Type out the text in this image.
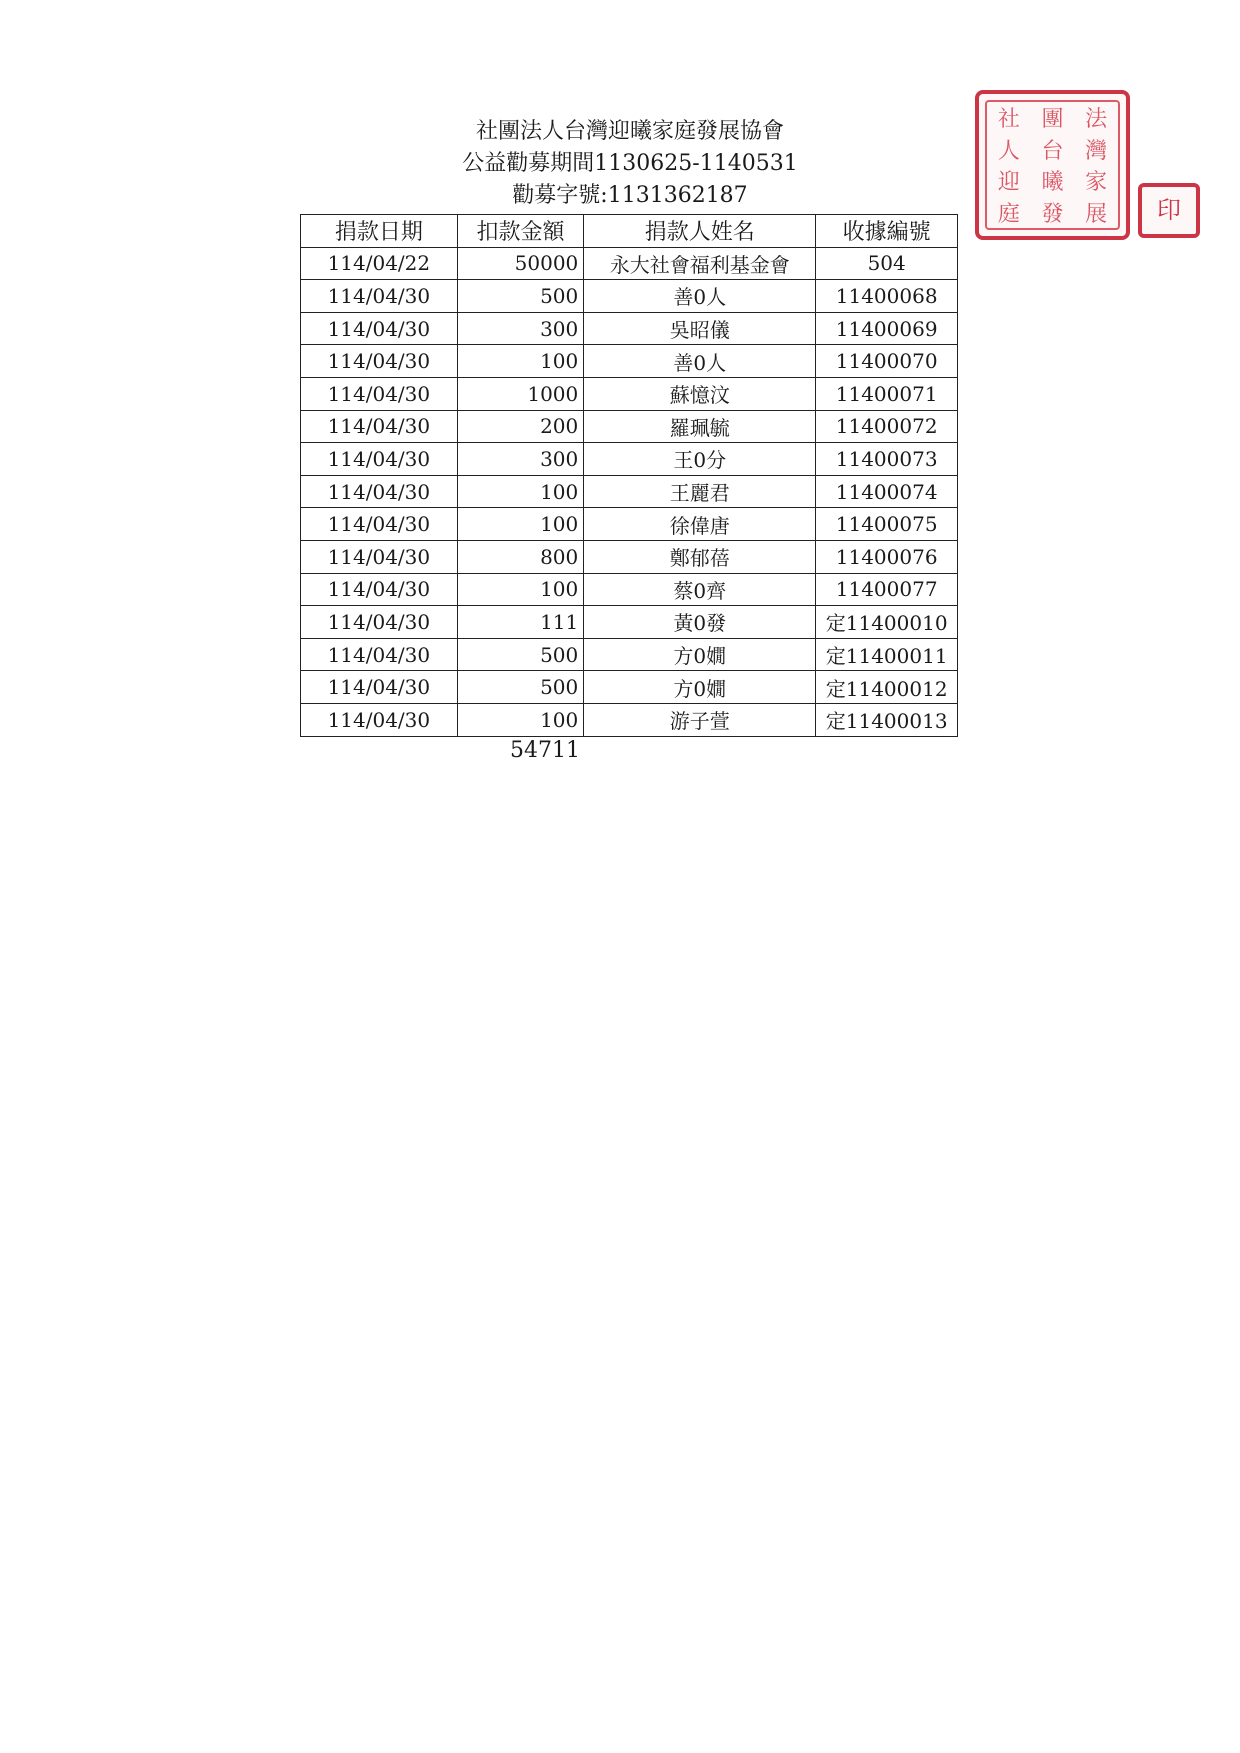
社團法人台灣迎曦家庭發展協會
公益勸募期間1130625-1140531
勸募字號:1131362187
捐款日期	扣款金額	捐款人姓名	收據編號
114/04/22	50000	永大社會福利基金會	504
114/04/30	500	善0人	11400068
114/04/30	300	吳昭儀	11400069
114/04/30	100	善0人	11400070
114/04/30	1000	蘇憶汶	11400071
114/04/30	200	羅珮毓	11400072
114/04/30	300	王0分	11400073
114/04/30	100	王麗君	11400074
114/04/30	100	徐偉唐	11400075
114/04/30	800	鄭郁蓓	11400076
114/04/30	100	蔡0齊	11400077
114/04/30	111	黃0發	定11400010
114/04/30	500	方0嫺	定11400011
114/04/30	500	方0嫺	定11400012
114/04/30	100	游子萱	定11400013
54711
社 團 法
人 台 灣
迎 曦 家
庭 發 展	印
